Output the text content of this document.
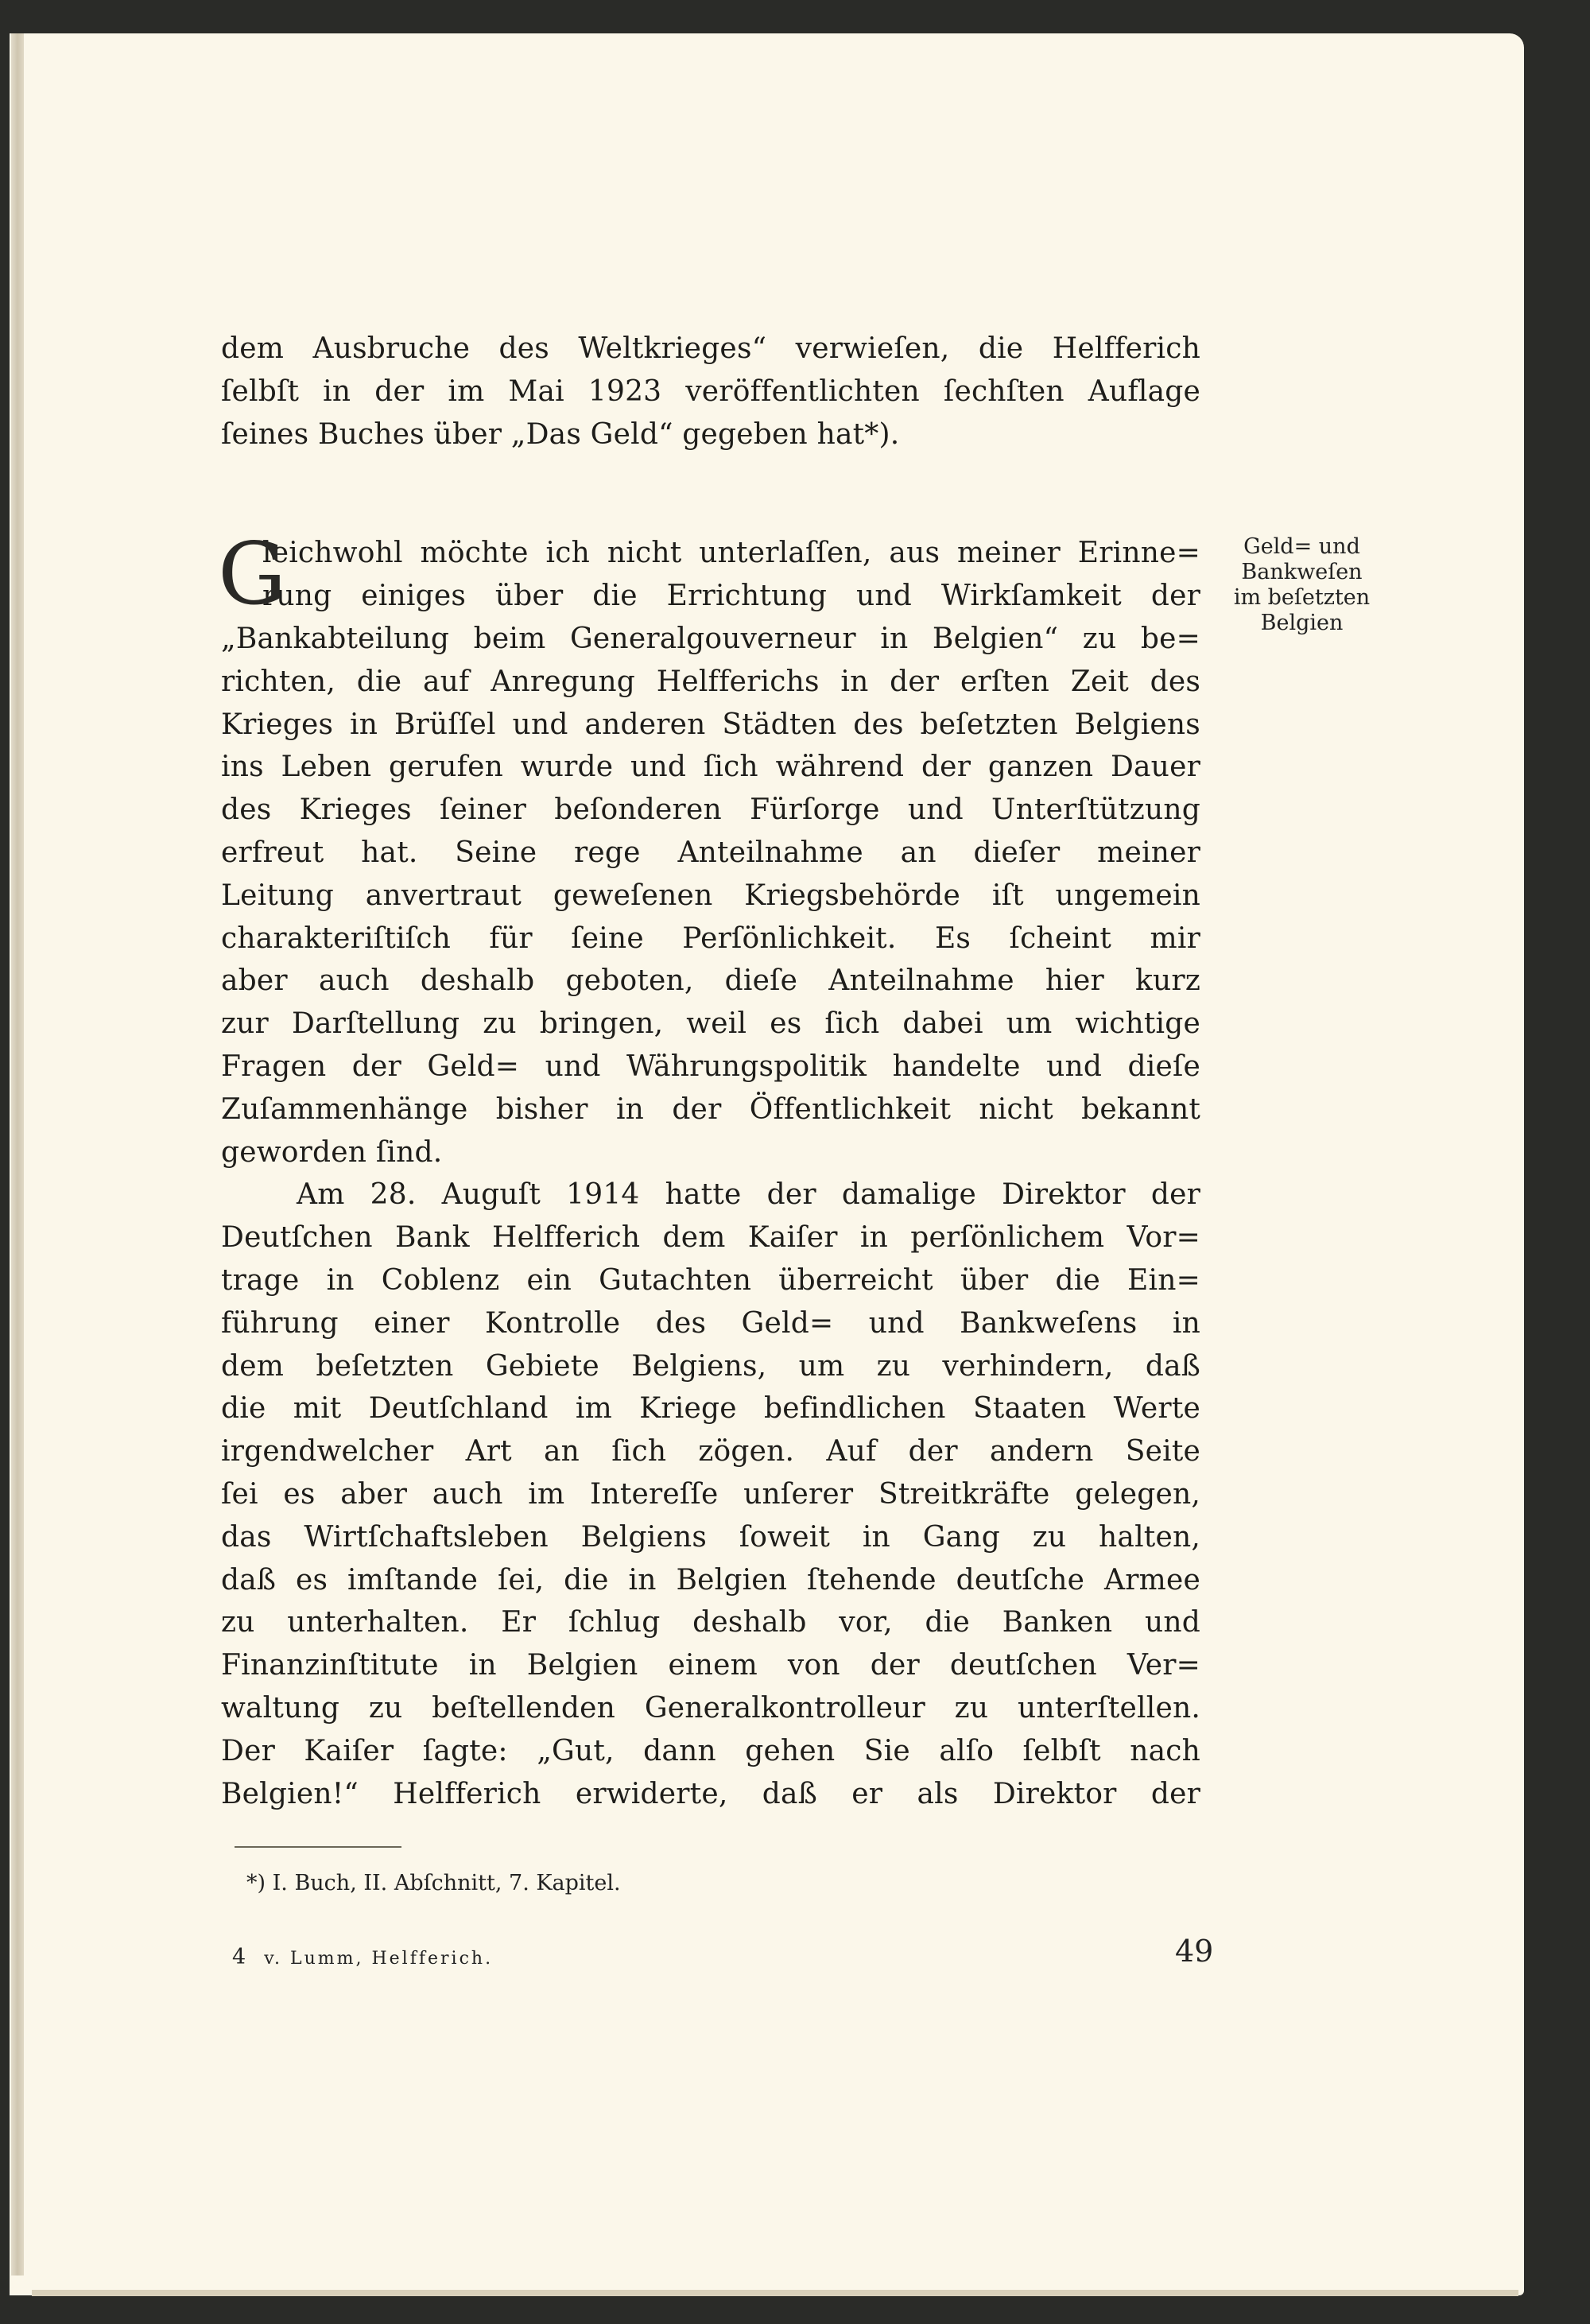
dem Ausbruche des Weltkrieges“ verwieſen, die Helfferich
ſelbſt in der im Mai 1923 veröffentlichten ſechſten Auflage
ſeines Buches über „Das Geld“ gegeben hat*).
G
leichwohl möchte ich nicht unterlaſſen, aus meiner Erinne=
rung einiges über die Errichtung und Wirkſamkeit der
„Bankabteilung beim Generalgouverneur in Belgien“ zu be=
richten, die auf Anregung Helfferichs in der erſten Zeit des
Krieges in Brüſſel und anderen Städten des beſetzten Belgiens
ins Leben gerufen wurde und ſich während der ganzen Dauer
des Krieges ſeiner beſonderen Fürſorge und Unterſtützung
erfreut hat. Seine rege Anteilnahme an dieſer meiner
Leitung anvertraut geweſenen Kriegsbehörde iſt ungemein
charakteriſtiſch für ſeine Perſönlichkeit. Es ſcheint mir
aber auch deshalb geboten, dieſe Anteilnahme hier kurz
zur Darſtellung zu bringen, weil es ſich dabei um wichtige
Fragen der Geld= und Währungspolitik handelte und dieſe
Zuſammenhänge bisher in der Öffentlichkeit nicht bekannt
geworden ſind.
Am 28. Auguſt 1914 hatte der damalige Direktor der
Deutſchen Bank Helfferich dem Kaiſer in perſönlichem Vor=
trage in Coblenz ein Gutachten überreicht über die Ein=
führung einer Kontrolle des Geld= und Bankweſens in
dem beſetzten Gebiete Belgiens, um zu verhindern, daß
die mit Deutſchland im Kriege befindlichen Staaten Werte
irgendwelcher Art an ſich zögen. Auf der andern Seite
ſei es aber auch im Intereſſe unſerer Streitkräfte gelegen,
das Wirtſchaftsleben Belgiens ſoweit in Gang zu halten,
daß es imſtande ſei, die in Belgien ſtehende deutſche Armee
zu unterhalten. Er ſchlug deshalb vor, die Banken und
Finanzinſtitute in Belgien einem von der deutſchen Ver=
waltung zu beſtellenden Generalkontrolleur zu unterſtellen.
Der Kaiſer ſagte: „Gut, dann gehen Sie alſo ſelbſt nach
Belgien!“ Helfferich erwiderte, daß er als Direktor der
Geld= und
Bankweſen
im beſetzten
Belgien
*) I. Buch, II. Abſchnitt, 7. Kapitel.
4 v. Lumm, Helfferich.	49
